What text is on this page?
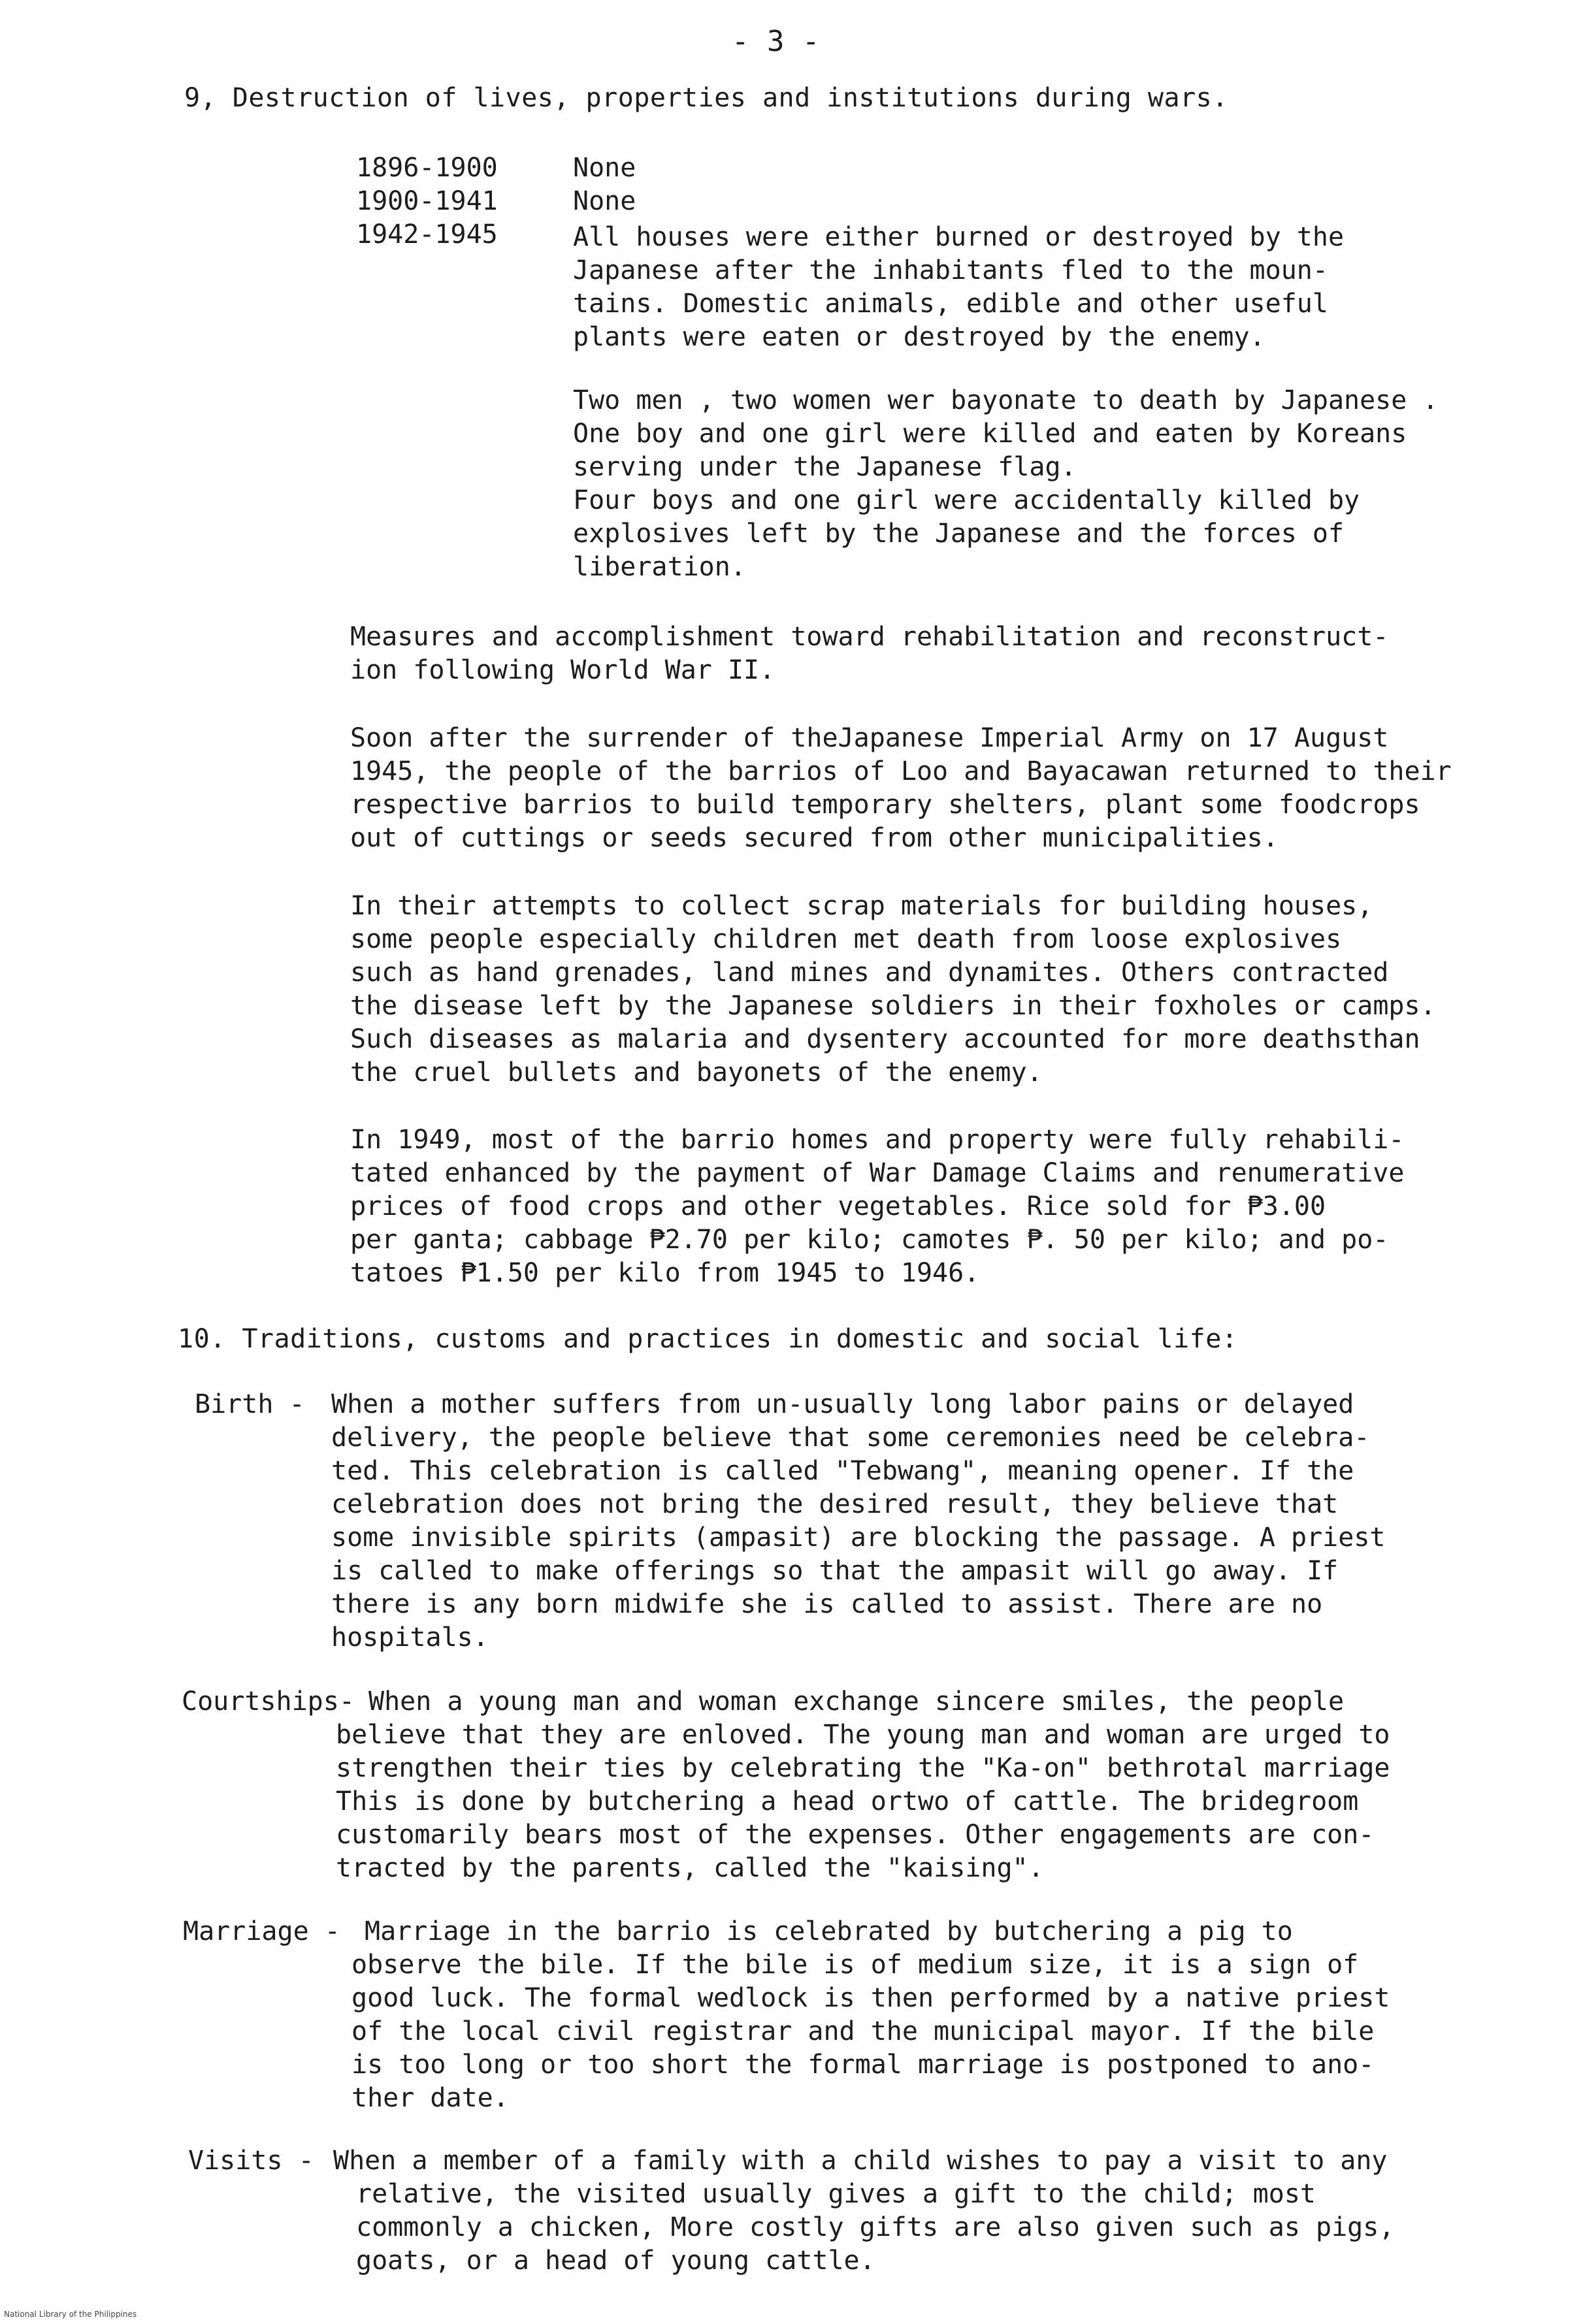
- 3 -
9, Destruction of lives, properties and institutions during wars.
1896-1900	None
1900-1941	None
1942-1945	All houses were either burned or destroyed by the
Japanese after the inhabitants fled to the moun-
tains. Domestic animals, edible and other useful
plants were eaten or destroyed by the enemy.
Two men , two women wer bayonate to death by Japanese .
One boy and one girl were killed and eaten by Koreans
serving under the Japanese flag.
Four boys and one girl were accidentally killed by
explosives left by the Japanese and the forces of
liberation.
Measures and accomplishment toward rehabilitation and reconstruct-
ion following World War II.
Soon after the surrender of theJapanese Imperial Army on 17 August
1945, the people of the barrios of Loo and Bayacawan returned to their
respective barrios to build temporary shelters, plant some foodcrops
out of cuttings or seeds secured from other municipalities.
In their attempts to collect scrap materials for building houses,
some people especially children met death from loose explosives
such as hand grenades, land mines and dynamites. Others contracted
the disease left by the Japanese soldiers in their foxholes or camps.
Such diseases as malaria and dysentery accounted for more deathsthan
the cruel bullets and bayonets of the enemy.
In 1949, most of the barrio homes and property were fully rehabili-
tated enhanced by the payment of War Damage Claims and renumerative
prices of food crops and other vegetables. Rice sold for ₱3.00
per ganta; cabbage ₱2.70 per kilo; camotes ₱. 50 per kilo; and po-
tatoes ₱1.50 per kilo from 1945 to 1946.
10. Traditions, customs and practices in domestic and social life:
Birth - When a mother suffers from un-usually long labor pains or delayed
delivery, the people believe that some ceremonies need be celebra-
ted. This celebration is called "Tebwang", meaning opener. If the
celebration does not bring the desired result, they believe that
some invisible spirits (ampasit) are blocking the passage. A priest
is called to make offerings so that the ampasit will go away. If
there is any born midwife she is called to assist. There are no
hospitals.
Courtships- When a young man and woman exchange sincere smiles, the people
believe that they are enloved. The young man and woman are urged to
strengthen their ties by celebrating the "Ka-on" bethrotal marriage
This is done by butchering a head ortwo of cattle. The bridegroom
customarily bears most of the expenses. Other engagements are con-
tracted by the parents, called the "kaising".
Marriage - Marriage in the barrio is celebrated by butchering a pig to
observe the bile. If the bile is of medium size, it is a sign of
good luck. The formal wedlock is then performed by a native priest
of the local civil registrar and the municipal mayor. If the bile
is too long or too short the formal marriage is postponed to ano-
ther date.
Visits - When a member of a family with a child wishes to pay a visit to any
relative, the visited usually gives a gift to the child; most
commonly a chicken, More costly gifts are also given such as pigs,
goats, or a head of young cattle.
National Library of the Philippines
